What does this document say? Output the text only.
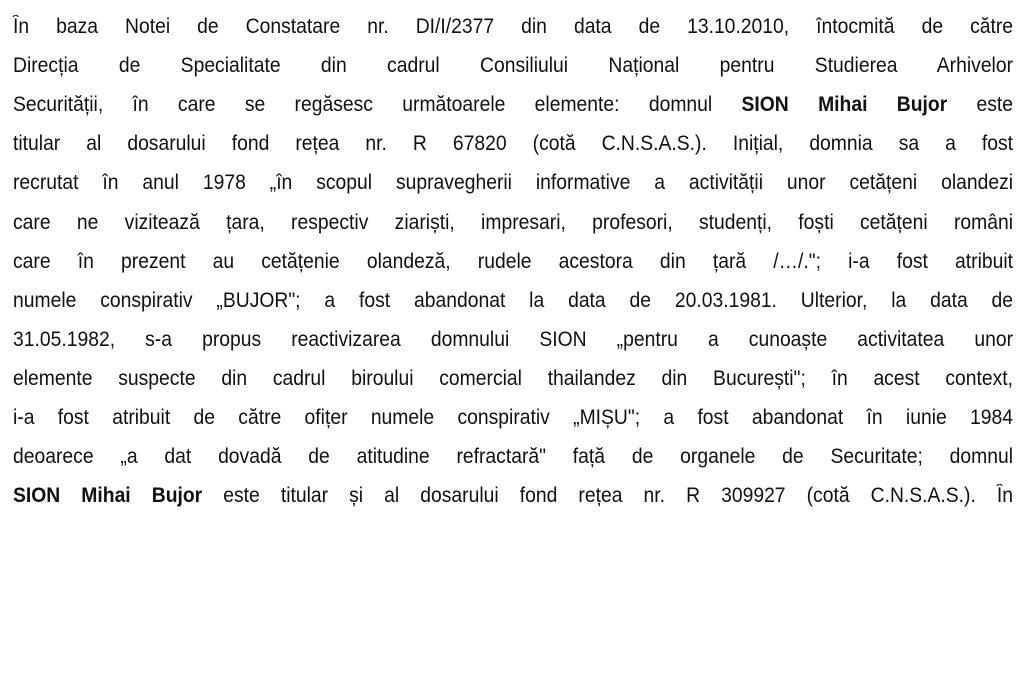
În baza Notei de Constatare nr. DI/I/2377 din data de 13.10.2010, întocmită de către
Direcția de Specialitate din cadrul Consiliului Național pentru Studierea Arhivelor
Securității, în care se regăsesc următoarele elemente: domnul SION Mihai Bujor este
titular al dosarului fond rețea nr. R 67820 (cotă C.N.S.A.S.). Inițial, domnia sa a fost
recrutat în anul 1978 „în scopul supravegherii informative a activității unor cetățeni olandezi
care ne vizitează țara, respectiv ziariști, impresari, profesori, studenți, foști cetățeni români
care în prezent au cetățenie olandeză, rudele acestora din țară /…/."; i-a fost atribuit
numele conspirativ „BUJOR"; a fost abandonat la data de 20.03.1981. Ulterior, la data de
31.05.1982, s-a propus reactivizarea domnului SION „pentru a cunoaște activitatea unor
elemente suspecte din cadrul biroului comercial thailandez din București"; în acest context,
i-a fost atribuit de către ofițer numele conspirativ „MIȘU"; a fost abandonat în iunie 1984
deoarece „a dat dovadă de atitudine refractară" față de organele de Securitate; domnul
SION Mihai Bujor este titular și al dosarului fond rețea nr. R 309927 (cotă C.N.S.A.S.). În
